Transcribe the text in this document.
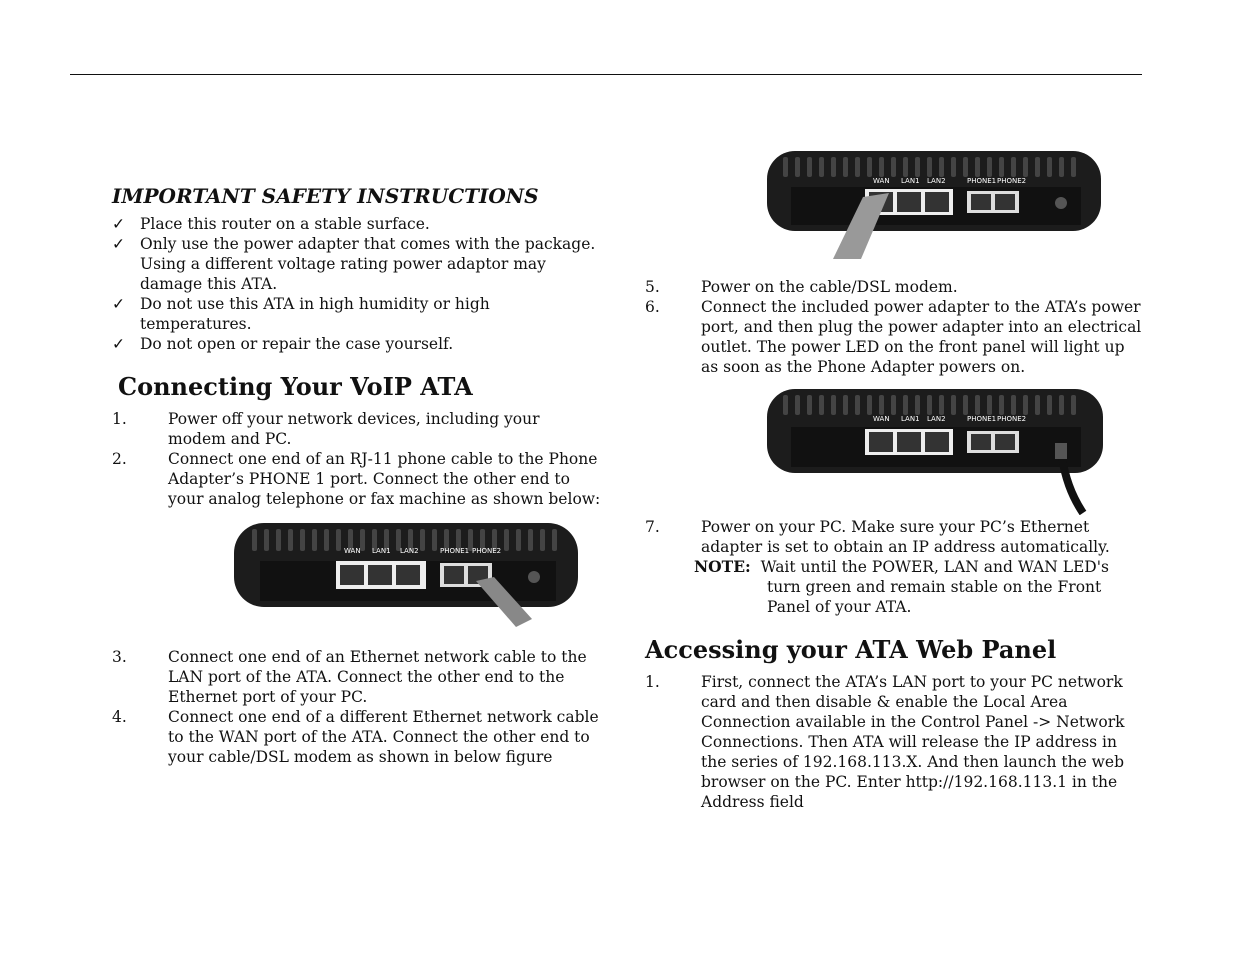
IMPORTANT SAFETY INSTRUCTIONS
✓ Place this router on a stable surface.
✓ Only use the power adapter that comes with the package. Using a different voltage rating power adaptor may damage this ATA.
✓ Do not use this ATA in high humidity or high temperatures.
✓ Do not open or repair the case yourself.
Connecting Your VoIP ATA
1.	Power off your network devices, including your modem and PC.
2.	Connect one end of an RJ-11 phone cable to the Phone Adapter’s PHONE 1 port. Connect the other end to your analog telephone or fax machine as shown below:
WAN LAN1 LAN2	PHONE1 PHONE2
3.	Connect one end of an Ethernet network cable to the LAN port of the ATA. Connect the other end to the Ethernet port of your PC.
4.	Connect one end of a different Ethernet network cable to the WAN port of the ATA. Connect the other end to your cable/DSL modem as shown in below figure
WAN LAN1 LAN2	PHONE1 PHONE2
5.	Power on the cable/DSL modem.
6.	Connect the included power adapter to the ATA’s power port, and then plug the power adapter into an electrical outlet. The power LED on the front panel will light up as soon as the Phone Adapter powers on.
WAN LAN1 LAN2	PHONE1 PHONE2
7.	Power on your PC. Make sure your PC’s Ethernet adapter is set to obtain an IP address automatically.

NOTE: Wait until the POWER, LAN and WAN LED's turn green and remain stable on the Front Panel of your ATA.

Accessing your ATA Web Panel
1.	First, connect the ATA’s LAN port to your PC network card and then disable & enable the Local Area Connection available in the Control Panel -> Network Connections. Then ATA will release the IP address in the series of 192.168.113.X. And then launch the web browser on the PC. Enter http://192.168.113.1 in the Address field
